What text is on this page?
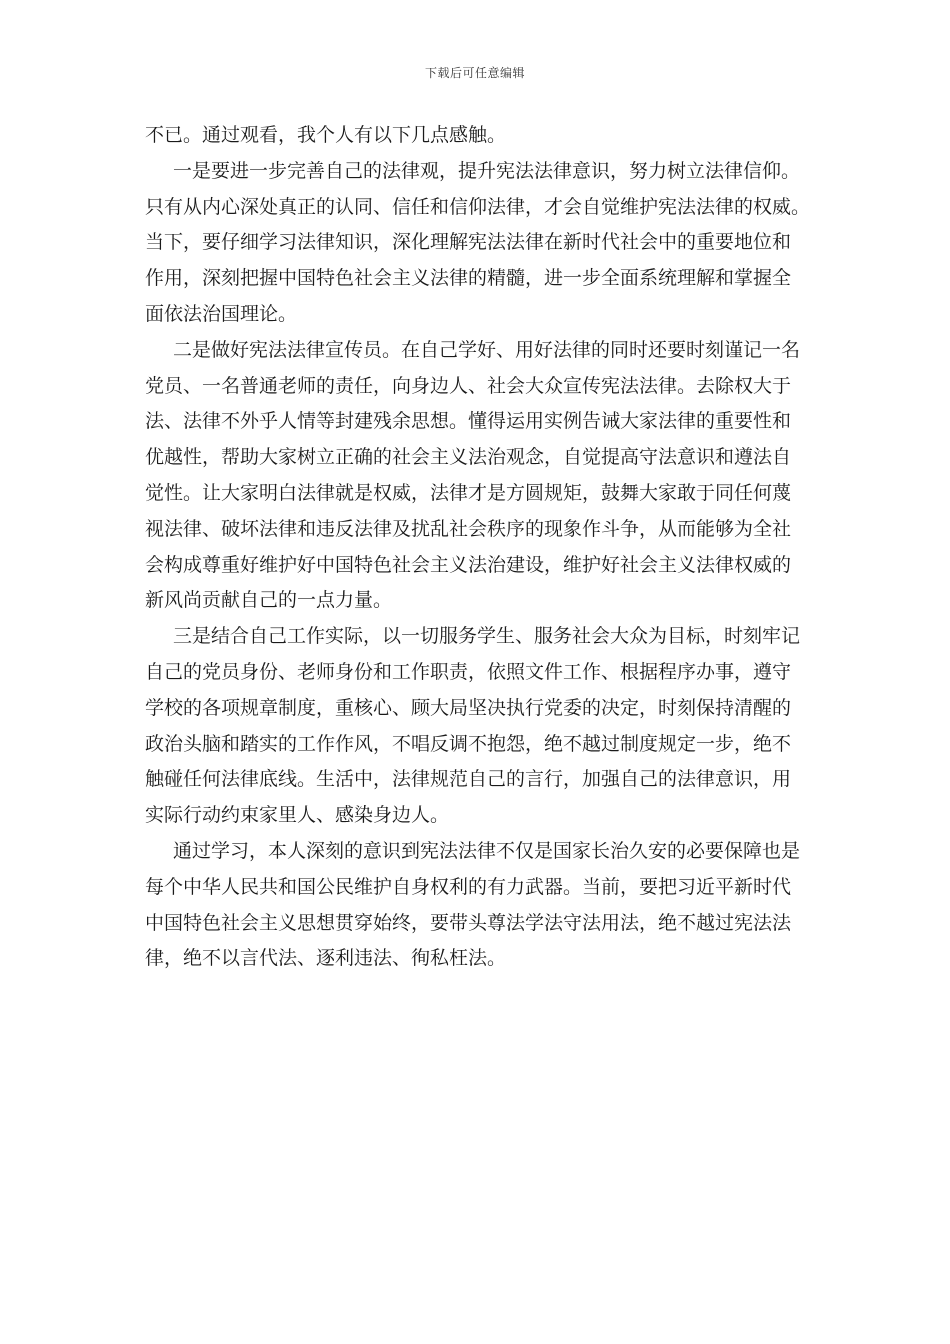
下载后可任意编辑
不已。通过观看，我个人有以下几点感触。
一是要进一步完善自己的法律观，提升宪法法律意识，努力树立法律信仰。
只有从内心深处真正的认同、信任和信仰法律，才会自觉维护宪法法律的权威。
当下，要仔细学习法律知识，深化理解宪法法律在新时代社会中的重要地位和
作用，深刻把握中国特色社会主义法律的精髓，进一步全面系统理解和掌握全
面依法治国理论。
二是做好宪法法律宣传员。在自己学好、用好法律的同时还要时刻谨记一名
党员、一名普通老师的责任，向身边人、社会大众宣传宪法法律。去除权大于
法、法律不外乎人情等封建残余思想。懂得运用实例告诫大家法律的重要性和
优越性，帮助大家树立正确的社会主义法治观念，自觉提高守法意识和遵法自
觉性。让大家明白法律就是权威，法律才是方圆规矩，鼓舞大家敢于同任何蔑
视法律、破坏法律和违反法律及扰乱社会秩序的现象作斗争，从而能够为全社
会构成尊重好维护好中国特色社会主义法治建设，维护好社会主义法律权威的
新风尚贡献自己的一点力量。
三是结合自己工作实际，以一切服务学生、服务社会大众为目标，时刻牢记
自己的党员身份、老师身份和工作职责，依照文件工作、根据程序办事，遵守
学校的各项规章制度，重核心、顾大局坚决执行党委的决定，时刻保持清醒的
政治头脑和踏实的工作作风，不唱反调不抱怨，绝不越过制度规定一步，绝不
触碰任何法律底线。生活中，法律规范自己的言行，加强自己的法律意识，用
实际行动约束家里人、感染身边人。
通过学习，本人深刻的意识到宪法法律不仅是国家长治久安的必要保障也是
每个中华人民共和国公民维护自身权利的有力武器。当前，要把习近平新时代
中国特色社会主义思想贯穿始终，要带头尊法学法守法用法，绝不越过宪法法
律，绝不以言代法、逐利违法、徇私枉法。
